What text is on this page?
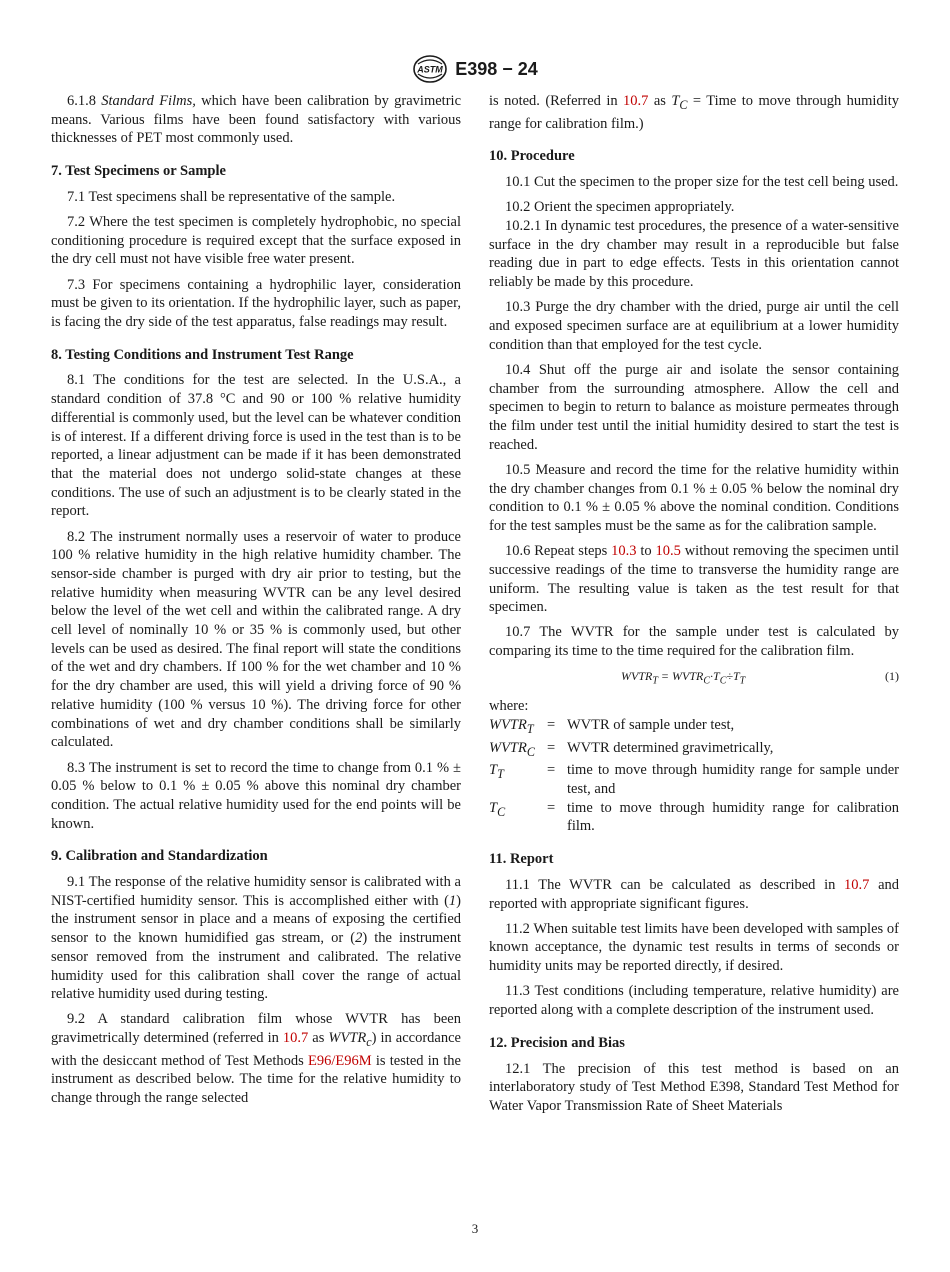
ASTM E398 − 24

6.1.8 Standard Films, which have been calibration by gravimetric means. Various films have been found satisfactory with various thicknesses of PET most commonly used.

7. Test Specimens or Sample

7.1 Test specimens shall be representative of the sample.

7.2 Where the test specimen is completely hydrophobic, no special conditioning procedure is required except that the surface exposed in the dry cell must not have visible free water present.

7.3 For specimens containing a hydrophilic layer, consideration must be given to its orientation. If the hydrophilic layer, such as paper, is facing the dry side of the test apparatus, false readings may result.

8. Testing Conditions and Instrument Test Range

8.1 The conditions for the test are selected. In the U.S.A., a standard condition of 37.8 °C and 90 or 100 % relative humidity differential is commonly used, but the level can be whatever condition is of interest. If a different driving force is used in the test than is to be reported, a linear adjustment can be made if it has been demonstrated that the material does not undergo solid-state changes at these conditions. The use of such an adjustment is to be clearly stated in the report.

8.2 The instrument normally uses a reservoir of water to produce 100 % relative humidity in the high relative humidity chamber. The sensor-side chamber is purged with dry air prior to testing, but the relative humidity when measuring WVTR can be any level desired below the level of the wet cell and within the calibrated range. A dry cell level of nominally 10 % or 35 % is commonly used, but other levels can be used as desired. The final report will state the conditions of the wet and dry chambers. If 100 % for the wet chamber and 10 % for the dry chamber are used, this will yield a driving force of 90 % relative humidity (100 % versus 10 %). The driving force for other combinations of wet and dry chamber conditions shall be similarly calculated.

8.3 The instrument is set to record the time to change from 0.1 % ± 0.05 % below to 0.1 % ± 0.05 % above this nominal dry chamber condition. The actual relative humidity used for the end points will be known.

9. Calibration and Standardization

9.1 The response of the relative humidity sensor is calibrated with a NIST-certified humidity sensor. This is accomplished either with (1) the instrument sensor in place and a means of exposing the certified sensor to the known humidified gas stream, or (2) the instrument sensor removed from the instrument and calibrated. The relative humidity used for this calibration shall cover the range of actual relative humidity used during testing.

9.2 A standard calibration film whose WVTR has been gravimetrically determined (referred in 10.7 as $WVTR_c$) in accordance with the desiccant method of Test Methods E96/E96M is tested in the instrument as described below. The time for the relative humidity to change through the range selected

is noted. (Referred in 10.7 as $T_C$ = Time to move through humidity range for calibration film.)

10. Procedure

10.1 Cut the specimen to the proper size for the test cell being used.

10.2 Orient the specimen appropriately.

10.2.1 In dynamic test procedures, the presence of a water-sensitive surface in the dry chamber may result in a reproducible but false reading due in part to edge effects. Tests in this orientation cannot reliably be made by this procedure.

10.3 Purge the dry chamber with the dried, purge air until the cell and exposed specimen surface are at equilibrium at a lower humidity condition than that employed for the test cycle.

10.4 Shut off the purge air and isolate the sensor containing chamber from the surrounding atmosphere. Allow the cell and specimen to begin to return to balance as moisture permeates through the film under test until the initial humidity desired to start the test is reached.

10.5 Measure and record the time for the relative humidity within the dry chamber changes from 0.1 % ± 0.05 % below the nominal dry condition to 0.1 % ± 0.05 % above the nominal condition. Conditions for the test samples must be the same as for the calibration sample.

10.6 Repeat steps 10.3 to 10.5 without removing the specimen until successive readings of the time to transverse the humidity range are uniform. The resulting value is taken as the test result for that specimen.

10.7 The WVTR for the sample under test is calculated by comparing its time to the time required for the calibration film.

$WVTR_T$ = $WVTR_C\cdot T_C\div T_T$	(1)

where:

$WVTR_T$	=	WVTR of sample under test,
$WVTR_C$	=	WVTR determined gravimetrically,
$T_T$	=	time to move through humidity range for sample under test, and
$T_C$	=	time to move through humidity range for calibration film.
11. Report

11.1 The WVTR can be calculated as described in 10.7 and reported with appropriate significant figures.

11.2 When suitable test limits have been developed with samples of known acceptance, the dynamic test results in terms of seconds or humidity units may be reported directly, if desired.

11.3 Test conditions (including temperature, relative humidity) are reported along with a complete description of the instrument used.

12. Precision and Bias

12.1 The precision of this test method is based on an interlaboratory study of Test Method E398, Standard Test Method for Water Vapor Transmission Rate of Sheet Materials

3
